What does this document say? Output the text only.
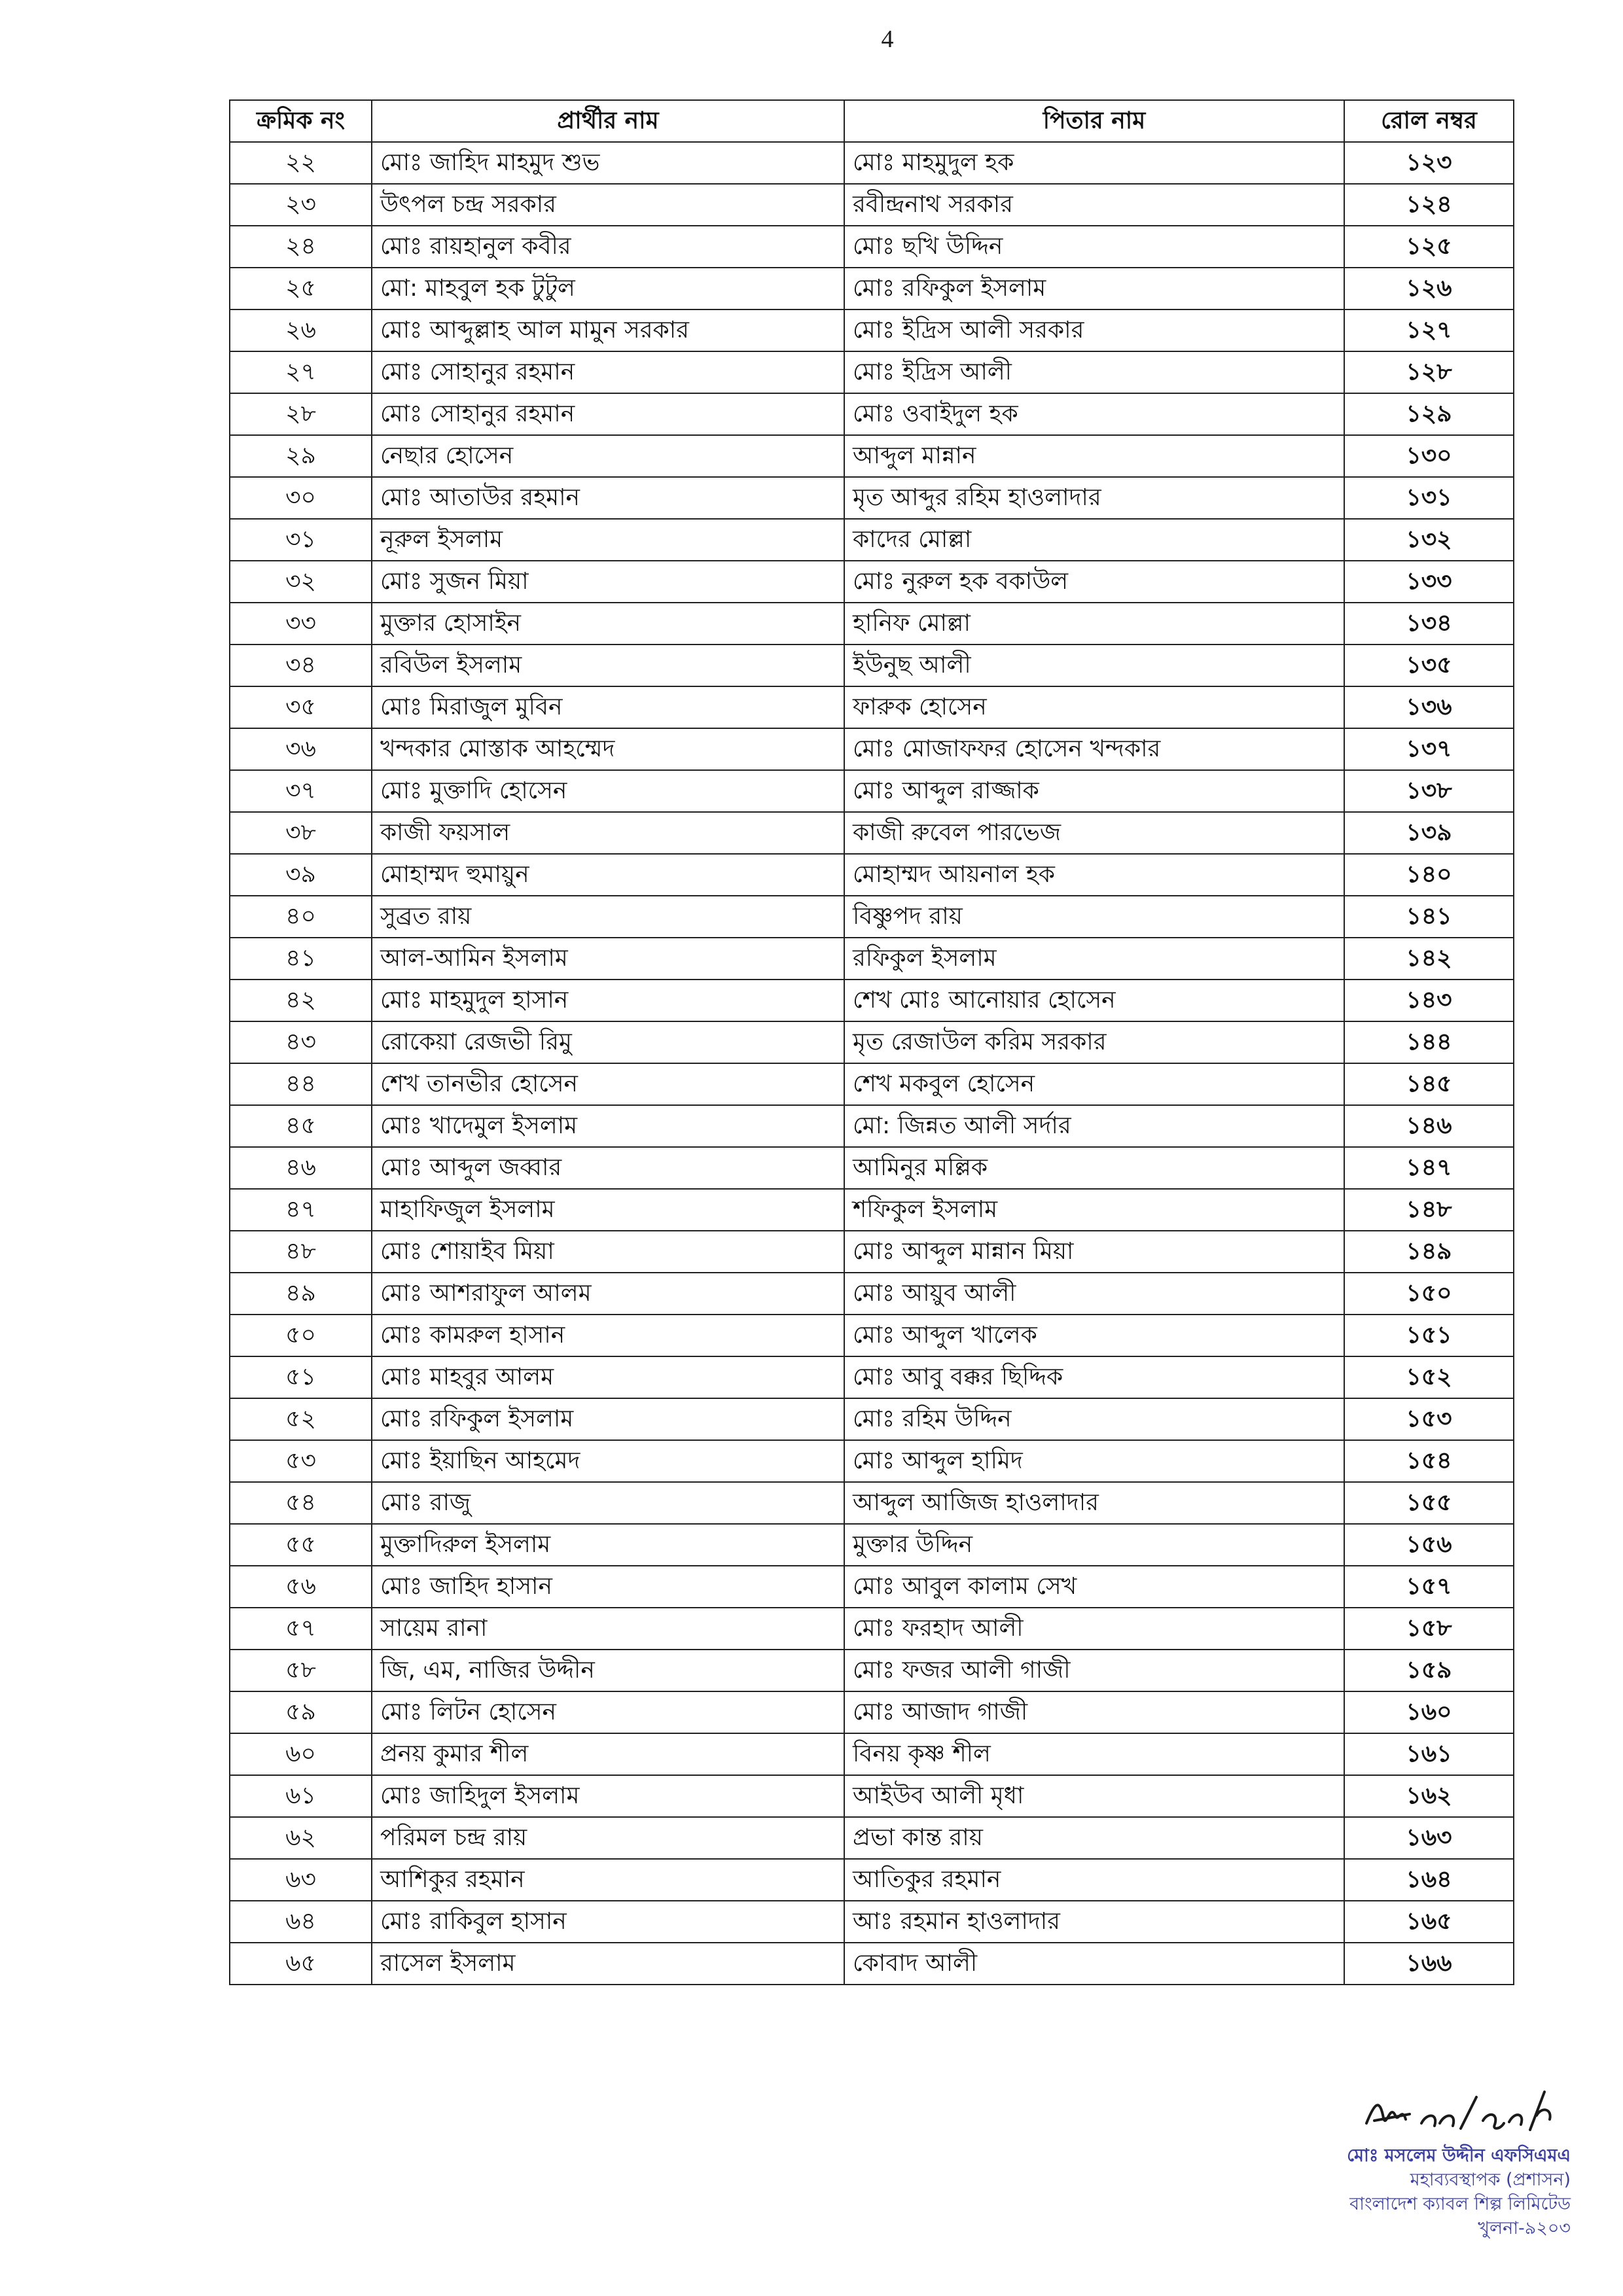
4
ক্রমিক নং	প্রার্থীর নাম	পিতার নাম	রোল নম্বর
২২	মোঃ জাহিদ মাহমুদ শুভ	মোঃ মাহমুদুল হক	১২৩
২৩	উৎপল চন্দ্র সরকার	রবীন্দ্রনাথ সরকার	১২৪
২৪	মোঃ রায়হানুল কবীর	মোঃ ছখি উদ্দিন	১২৫
২৫	মো: মাহবুল হক টুটুল	মোঃ রফিকুল ইসলাম	১২৬
২৬	মোঃ আব্দুল্লাহ আল মামুন সরকার	মোঃ ইদ্রিস আলী সরকার	১২৭
২৭	মোঃ সোহানুর রহমান	মোঃ ইদ্রিস আলী	১২৮
২৮	মোঃ সোহানুর রহমান	মোঃ ওবাইদুল হক	১২৯
২৯	নেছার হোসেন	আব্দুল মান্নান	১৩০
৩০	মোঃ আতাউর রহমান	মৃত আব্দুর রহিম হাওলাদার	১৩১
৩১	নূরুল ইসলাম	কাদের মোল্লা	১৩২
৩২	মোঃ সুজন মিয়া	মোঃ নুরুল হক বকাউল	১৩৩
৩৩	মুক্তার হোসাইন	হানিফ মোল্লা	১৩৪
৩৪	রবিউল ইসলাম	ইউনুছ আলী	১৩৫
৩৫	মোঃ মিরাজুল মুবিন	ফারুক হোসেন	১৩৬
৩৬	খন্দকার মোস্তাক আহম্মেদ	মোঃ মোজাফফর হোসেন খন্দকার	১৩৭
৩৭	মোঃ মুক্তাদি হোসেন	মোঃ আব্দুল রাজ্জাক	১৩৮
৩৮	কাজী ফয়সাল	কাজী রুবেল পারভেজ	১৩৯
৩৯	মোহাম্মদ হুমায়ুন	মোহাম্মদ আয়নাল হক	১৪০
৪০	সুব্রত রায়	বিষ্ণুপদ রায়	১৪১
৪১	আল-আমিন ইসলাম	রফিকুল ইসলাম	১৪২
৪২	মোঃ মাহমুদুল হাসান	শেখ মোঃ আনোয়ার হোসেন	১৪৩
৪৩	রোকেয়া রেজভী রিমু	মৃত রেজাউল করিম সরকার	১৪৪
৪৪	শেখ তানভীর হোসেন	শেখ মকবুল হোসেন	১৪৫
৪৫	মোঃ খাদেমুল ইসলাম	মো: জিন্নত আলী সর্দার	১৪৬
৪৬	মোঃ আব্দুল জব্বার	আমিনুর মল্লিক	১৪৭
৪৭	মাহাফিজুল ইসলাম	শফিকুল ইসলাম	১৪৮
৪৮	মোঃ শোয়াইব মিয়া	মোঃ আব্দুল মান্নান মিয়া	১৪৯
৪৯	মোঃ আশরাফুল আলম	মোঃ আয়ুব আলী	১৫০
৫০	মোঃ কামরুল হাসান	মোঃ আব্দুল খালেক	১৫১
৫১	মোঃ মাহবুর আলম	মোঃ আবু বক্কর ছিদ্দিক	১৫২
৫২	মোঃ রফিকুল ইসলাম	মোঃ রহিম উদ্দিন	১৫৩
৫৩	মোঃ ইয়াছিন আহমেদ	মোঃ আব্দুল হামিদ	১৫৪
৫৪	মোঃ রাজু	আব্দুল আজিজ হাওলাদার	১৫৫
৫৫	মুক্তাদিরুল ইসলাম	মুক্তার উদ্দিন	১৫৬
৫৬	মোঃ জাহিদ হাসান	মোঃ আবুল কালাম সেখ	১৫৭
৫৭	সায়েম রানা	মোঃ ফরহাদ আলী	১৫৮
৫৮	জি, এম, নাজির উদ্দীন	মোঃ ফজর আলী গাজী	১৫৯
৫৯	মোঃ লিটন হোসেন	মোঃ আজাদ গাজী	১৬০
৬০	প্রনয় কুমার শীল	বিনয় কৃষ্ণ শীল	১৬১
৬১	মোঃ জাহিদুল ইসলাম	আইউব আলী মৃধা	১৬২
৬২	পরিমল চন্দ্র রায়	প্রভা কান্ত রায়	১৬৩
৬৩	আশিকুর রহমান	আতিকুর রহমান	১৬৪
৬৪	মোঃ রাকিবুল হাসান	আঃ রহমান হাওলাদার	১৬৫
৬৫	রাসেল ইসলাম	কোবাদ আলী	১৬৬
মোঃ মসলেম উদ্দীন এফসিএমএ
মহাব্যবস্থাপক (প্রশাসন)
বাংলাদেশ ক্যাবল শিল্প লিমিটেড
খুলনা-৯২০৩
